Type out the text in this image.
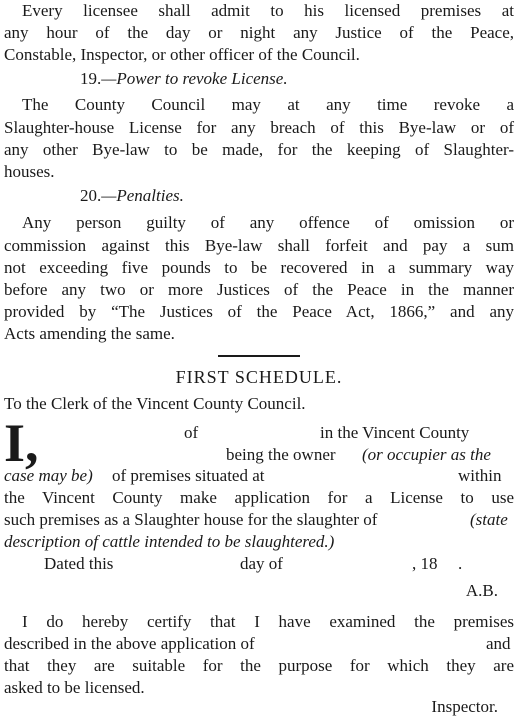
Every licensee shall admit to his licensed premises at
any hour of the day or night any Justice of the Peace,
Constable, Inspector, or other officer of the Council.
19.—Power to revoke License.
The County Council may at any time revoke a
Slaughter-house License for any breach of this Bye-law or of
any other Bye-law to be made, for the keeping of Slaughter-
houses.
20.—Penalties.
Any person guilty of any offence of omission or
commission against this Bye-law shall forfeit and pay a sum
not exceeding five pounds to be recovered in a summary way
before any two or more Justices of the Peace in the manner
provided by “The Justices of the Peace Act, 1866,” and any
Acts amending the same.
FIRST SCHEDULE.
To the Clerk of the Vincent County Council.
I,	of	in the Vincent County
being the owner (or occupier as the
case may be) of premises situated at	within
the Vincent County make application for a License to use
such premises as a Slaughter house for the slaughter of	(state
description of cattle intended to be slaughtered.)
Dated this	day of	, 18 .
A.B.
I do hereby certify that I have examined the premises
described in the above application of	and
that they are suitable for the purpose for which they are
asked to be licensed.
Inspector.
